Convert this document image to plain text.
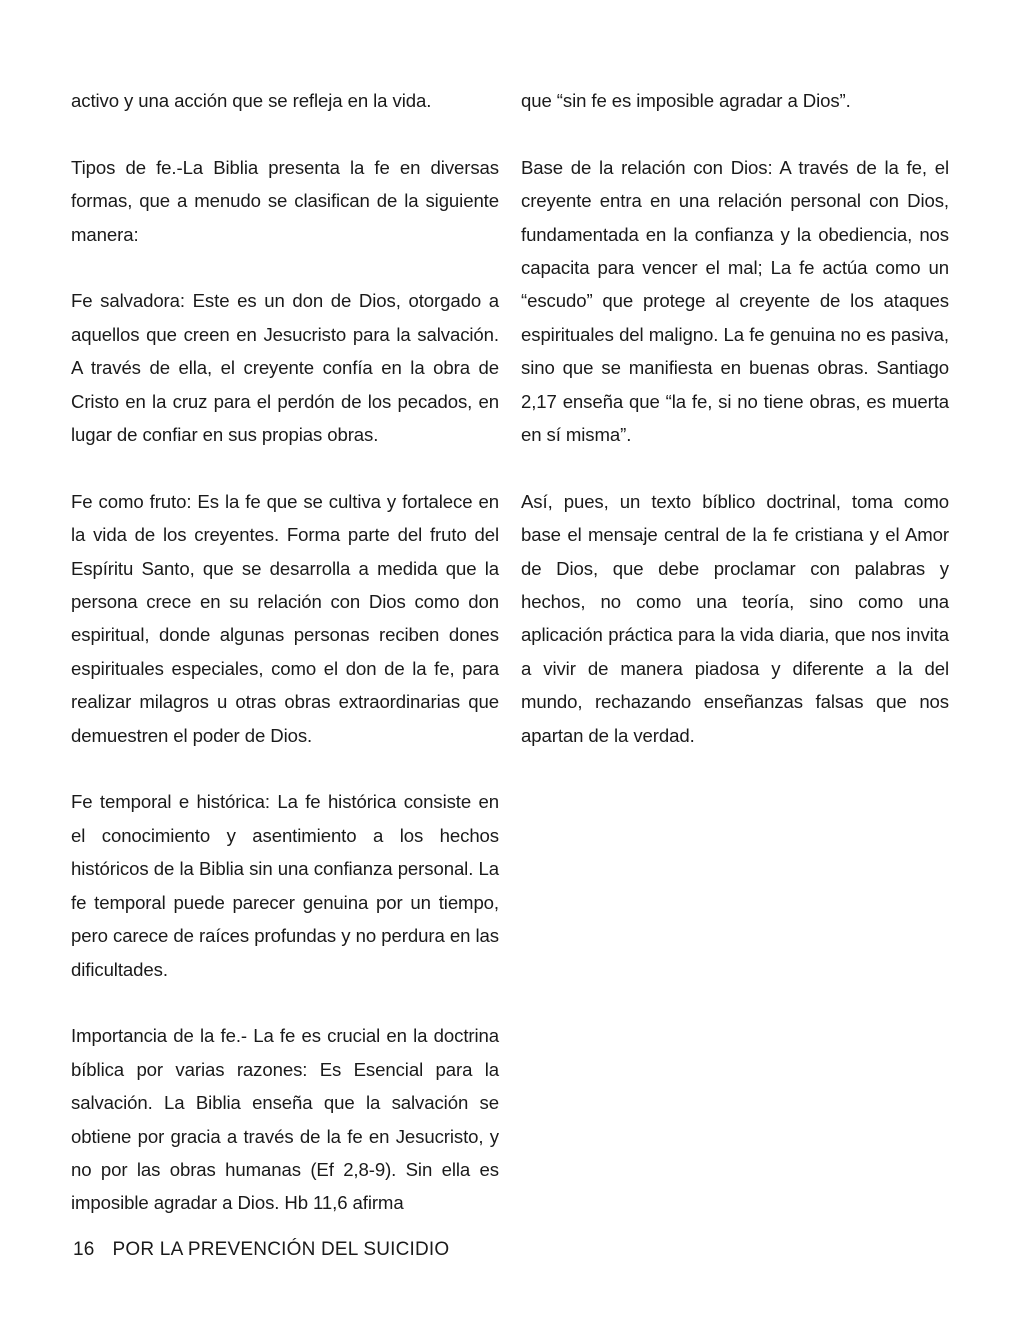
activo y una acción que se refleja en la vida.

Tipos de fe.-La Biblia presenta la fe en diversas formas, que a menudo se clasifican de la siguiente manera:

Fe salvadora: Este es un don de Dios, otorgado a aquellos que creen en Jesucristo para la salvación. A través de ella, el creyente confía en la obra de Cristo en la cruz para el perdón de los pecados, en lugar de confiar en sus propias obras.

Fe como fruto: Es la fe que se cultiva y fortalece en la vida de los creyentes. Forma parte del fruto del Espíritu Santo, que se desarrolla a medida que la persona crece en su relación con Dios como don espiritual, donde algunas personas reciben dones espirituales especiales, como el don de la fe, para realizar milagros u otras obras extraordinarias que demuestren el poder de Dios.

Fe temporal e histórica: La fe histórica consiste en el conocimiento y asentimiento a los hechos históricos de la Biblia sin una confianza personal. La fe temporal puede parecer genuina por un tiempo, pero carece de raíces profundas y no perdura en las dificultades.

Importancia de la fe.- La fe es crucial en la doctrina bíblica por varias razones: Es Esencial para la salvación. La Biblia enseña que la salvación se obtiene por gracia a través de la fe en Jesucristo, y no por las obras humanas (Ef 2,8-9). Sin ella es imposible agradar a Dios. Hb 11,6 afirma

que “sin fe es imposible agradar a Dios”.

Base de la relación con Dios: A través de la fe, el creyente entra en una relación personal con Dios, fundamentada en la confianza y la obediencia, nos capacita para vencer el mal; La fe actúa como un “escudo” que protege al creyente de los ataques espirituales del maligno. La fe genuina no es pasiva, sino que se manifiesta en buenas obras. Santiago 2,17 enseña que “la fe, si no tiene obras, es muerta en sí misma”.

Así, pues, un texto bíblico doctrinal, toma como base el mensaje central de la fe cristiana y el Amor de Dios, que debe proclamar con palabras y hechos, no como una teoría, sino como una aplicación práctica para la vida diaria, que nos invita a vivir de manera piadosa y diferente a la del mundo, rechazando enseñanzas falsas que nos apartan de la verdad.

16 POR LA PREVENCIÓN DEL SUICIDIO
